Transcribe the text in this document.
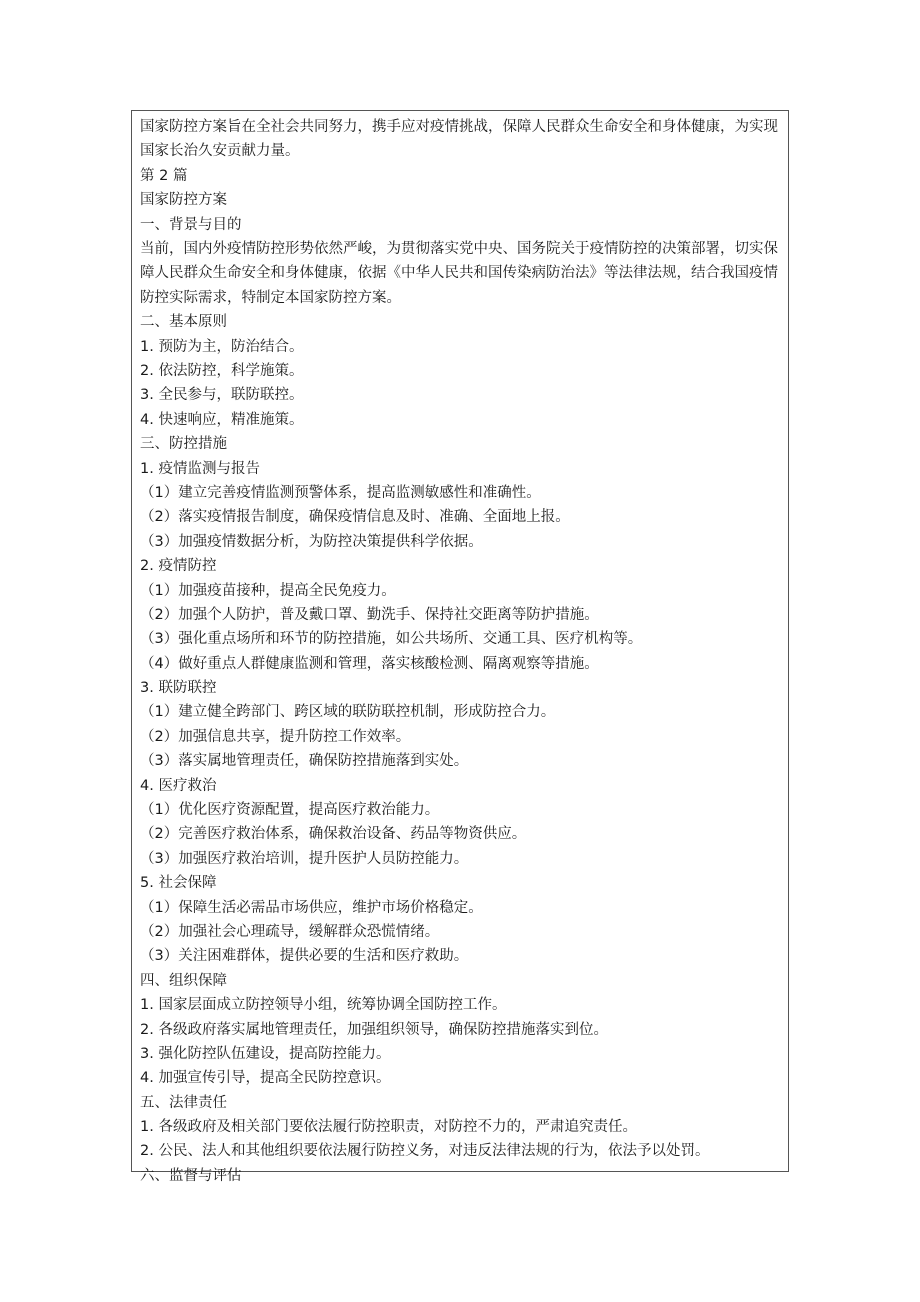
国家防控方案旨在全社会共同努力，携手应对疫情挑战，保障人民群众生命安全和身体健康，为实现国家长治久安贡献力量。
第 2 篇
国家防控方案
一、背景与目的
当前，国内外疫情防控形势依然严峻，为贯彻落实党中央、国务院关于疫情防控的决策部署，切实保障人民群众生命安全和身体健康，依据《中华人民共和国传染病防治法》等法律法规，结合我国疫情防控实际需求，特制定本国家防控方案。
二、基本原则
1. 预防为主，防治结合。
2. 依法防控，科学施策。
3. 全民参与，联防联控。
4. 快速响应，精准施策。
三、防控措施
1. 疫情监测与报告
（1）建立完善疫情监测预警体系，提高监测敏感性和准确性。
（2）落实疫情报告制度，确保疫情信息及时、准确、全面地上报。
（3）加强疫情数据分析，为防控决策提供科学依据。
2. 疫情防控
（1）加强疫苗接种，提高全民免疫力。
（2）加强个人防护，普及戴口罩、勤洗手、保持社交距离等防护措施。
（3）强化重点场所和环节的防控措施，如公共场所、交通工具、医疗机构等。
（4）做好重点人群健康监测和管理，落实核酸检测、隔离观察等措施。
3. 联防联控
（1）建立健全跨部门、跨区域的联防联控机制，形成防控合力。
（2）加强信息共享，提升防控工作效率。
（3）落实属地管理责任，确保防控措施落到实处。
4. 医疗救治
（1）优化医疗资源配置，提高医疗救治能力。
（2）完善医疗救治体系，确保救治设备、药品等物资供应。
（3）加强医疗救治培训，提升医护人员防控能力。
5. 社会保障
（1）保障生活必需品市场供应，维护市场价格稳定。
（2）加强社会心理疏导，缓解群众恐慌情绪。
（3）关注困难群体，提供必要的生活和医疗救助。
四、组织保障
1. 国家层面成立防控领导小组，统筹协调全国防控工作。
2. 各级政府落实属地管理责任，加强组织领导，确保防控措施落实到位。
3. 强化防控队伍建设，提高防控能力。
4. 加强宣传引导，提高全民防控意识。
五、法律责任
1. 各级政府及相关部门要依法履行防控职责，对防控不力的，严肃追究责任。
2. 公民、法人和其他组织要依法履行防控义务，对违反法律法规的行为，依法予以处罚。
六、监督与评估
